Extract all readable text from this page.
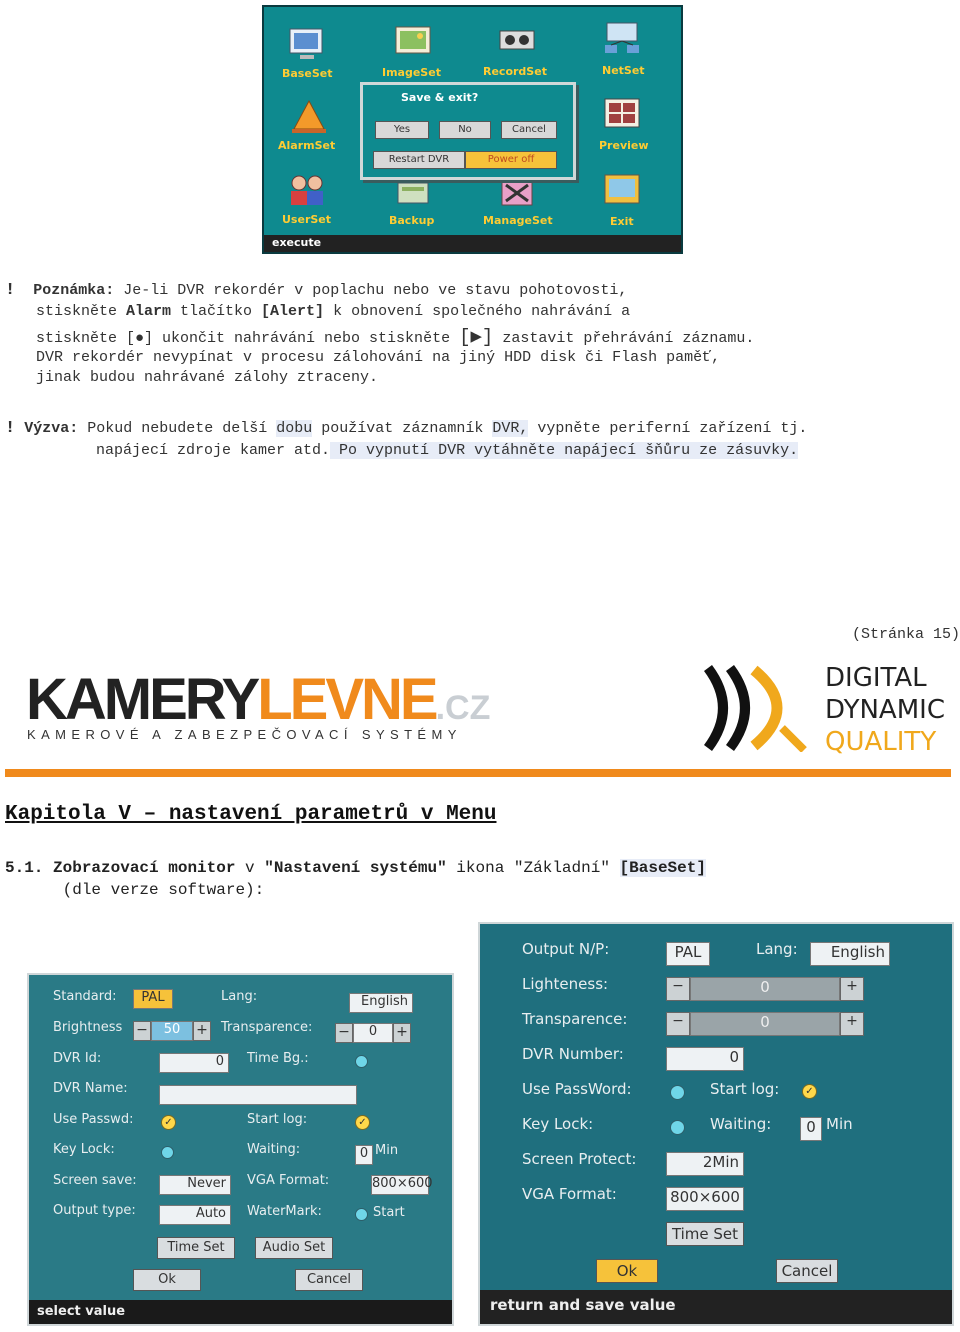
BaseSet	ImageSet	RecordSet	NetSet
AlarmSet	Preview
UserSet	Backup	ManageSet	Exit
Save & exit?
Yes	No	Cancel
Restart DVR	Power off
execute
! Poznámka: Je-li DVR rekordér v poplachu nebo ve stavu pohotovosti,
stiskněte Alarm tlačítko [Alert] k obnovení společného nahrávání a
stiskněte [●] ukončit nahrávání nebo stiskněte [▶] zastavit přehrávání záznamu.
DVR rekordér nevypínat v procesu zálohování na jiný HDD disk či Flash paměť,
jinak budou nahrávané zálohy ztraceny.
! Výzva: Pokud nebudete delší dobu používat záznamník DVR, vypněte periferní zařízení tj.
napájecí zdroje kamer atd. Po vypnutí DVR vytáhněte napájecí šňůru ze zásuvky.
(Stránka 15)
KAMERYLEVNE.CZ
KAMEROVÉ A ZABEZPEČOVACÍ SYSTÉMY
DIGITAL
DYNAMIC
QUALITY
Kapitola V – nastavení parametrů v Menu
5.1. Zobrazovací monitor v "Nastavení systému" ikona "Základní" [BaseSet]
(dle verze software):
Standard:	PAL	Lang:	English
Brightness −	50	+ Transparence: −	0	+
DVR Id:	0	Time Bg.:
DVR Name:
Use Passwd:	✓	Start log:	✓
Key Lock:	Waiting:	0 Min
Screen save:	Never	VGA Format:	800×600
Output type:	Auto	WaterMark:	Start
Time Set	Audio Set
Ok	Cancel
select value
Output N/P:	PAL	Lang:	English
Lighteness:	−	0	+
Transparence:	−	0	+
DVR Number:	0
Use PassWord:	Start log:	✓
Key Lock:	Waiting:	0 Min
Screen Protect:	2Min
VGA Format:	800×600
Time Set
Ok	Cancel
return and save value
